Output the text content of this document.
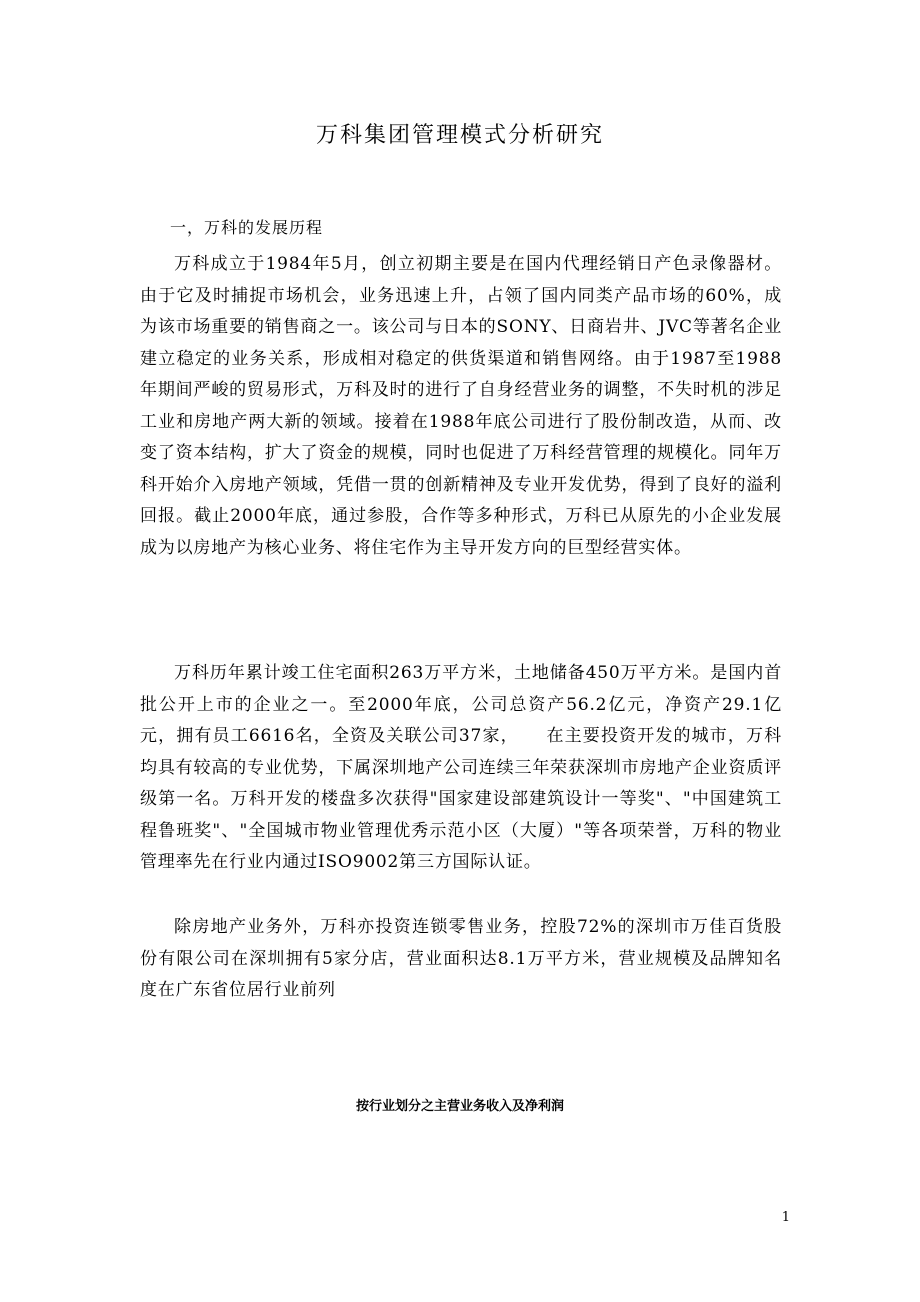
万科集团管理模式分析研究
一，万科的发展历程

万科成立于1984年5月，创立初期主要是在国内代理经销日产色录像器材。由于它及时捕捉市场机会，业务迅速上升，占领了国内同类产品市场的60%，成为该市场重要的销售商之一。该公司与日本的SONY、日商岩井、JVC等著名企业建立稳定的业务关系，形成相对稳定的供货渠道和销售网络。由于1987至1988年期间严峻的贸易形式，万科及时的进行了自身经营业务的调整，不失时机的涉足工业和房地产两大新的领域。接着在1988年底公司进行了股份制改造，从而、改变了资本结构，扩大了资金的规模，同时也促进了万科经营管理的规模化。同年万科开始介入房地产领域，凭借一贯的创新精神及专业开发优势，得到了良好的溢利回报。截止2000年底，通过参股，合作等多种形式，万科已从原先的小企业发展成为以房地产为核心业务、将住宅作为主导开发方向的巨型经营实体。

万科历年累计竣工住宅面积263万平方米，土地储备450万平方米。是国内首批公开上市的企业之一。至2000年底，公司总资产56.2亿元，净资产29.1亿元，拥有员工6616名，全资及关联公司37家，　　在主要投资开发的城市，万科均具有较高的专业优势，下属深圳地产公司连续三年荣获深圳市房地产企业资质评级第一名。万科开发的楼盘多次获得"国家建设部建筑设计一等奖"、"中国建筑工程鲁班奖"、"全国城市物业管理优秀示范小区（大厦）"等各项荣誉，万科的物业管理率先在行业内通过ISO9002第三方国际认证。

除房地产业务外，万科亦投资连锁零售业务，控股72%的深圳市万佳百货股份有限公司在深圳拥有5家分店，营业面积达8.1万平方米，营业规模及品牌知名度在广东省位居行业前列

按行业划分之主营业务收入及净利润
1
